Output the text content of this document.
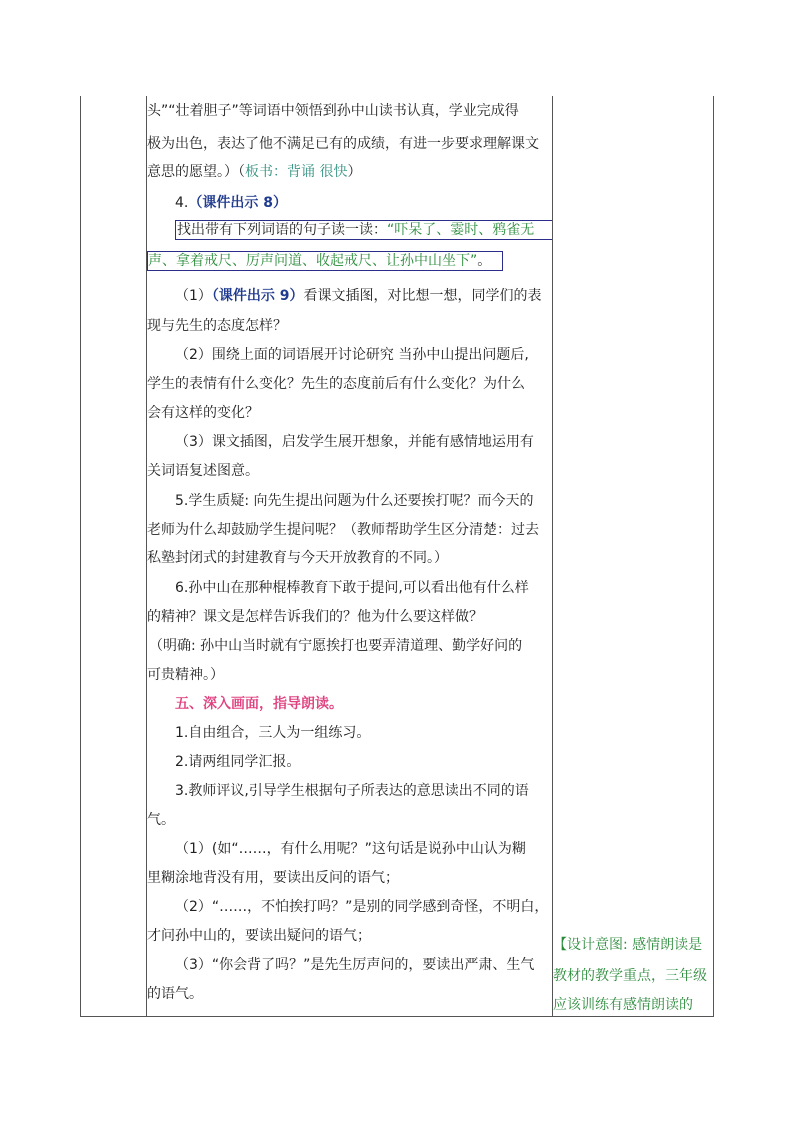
头”“壮着胆子”等词语中领悟到孙中山读书认真，学业完成得
极为出色，表达了他不满足已有的成绩，有进一步要求理解课文
意思的愿望。）（板书：背诵 很快）
4.（课件出示 8）
找出带有下列词语的句子读一读：“吓呆了、霎时、鸦雀无
声、拿着戒尺、厉声问道、收起戒尺、让孙中山坐下”。
（1）（课件出示 9）看课文插图，对比想一想，同学们的表
现与先生的态度怎样？
（2）围绕上面的词语展开讨论研究 当孙中山提出问题后,
学生的表情有什么变化？先生的态度前后有什么变化？为什么
会有这样的变化？
（3）课文插图，启发学生展开想象，并能有感情地运用有
关词语复述图意。
5.学生质疑: 向先生提出问题为什么还要挨打呢？而今天的
老师为什么却鼓励学生提问呢？（教师帮助学生区分清楚：过去
私塾封闭式的封建教育与今天开放教育的不同。）
6.孙中山在那种棍棒教育下敢于提问,可以看出他有什么样
的精神？课文是怎样告诉我们的？他为什么要这样做？
（明确: 孙中山当时就有宁愿挨打也要弄清道理、勤学好问的
可贵精神。）
五、深入画面，指导朗读。
1.自由组合，三人为一组练习。
2.请两组同学汇报。
3.教师评议,引导学生根据句子所表达的意思读出不同的语
气。
（1）(如“……，有什么用呢？”这句话是说孙中山认为糊
里糊涂地背没有用，要读出反问的语气；
（2）“……，不怕挨打吗？”是别的同学感到奇怪，不明白，
才问孙中山的，要读出疑问的语气；
（3）“你会背了吗？”是先生厉声问的，要读出严肃、生气
的语气。
【设计意图: 感情朗读是
教材的教学重点，三年级
应该训练有感情朗读的
